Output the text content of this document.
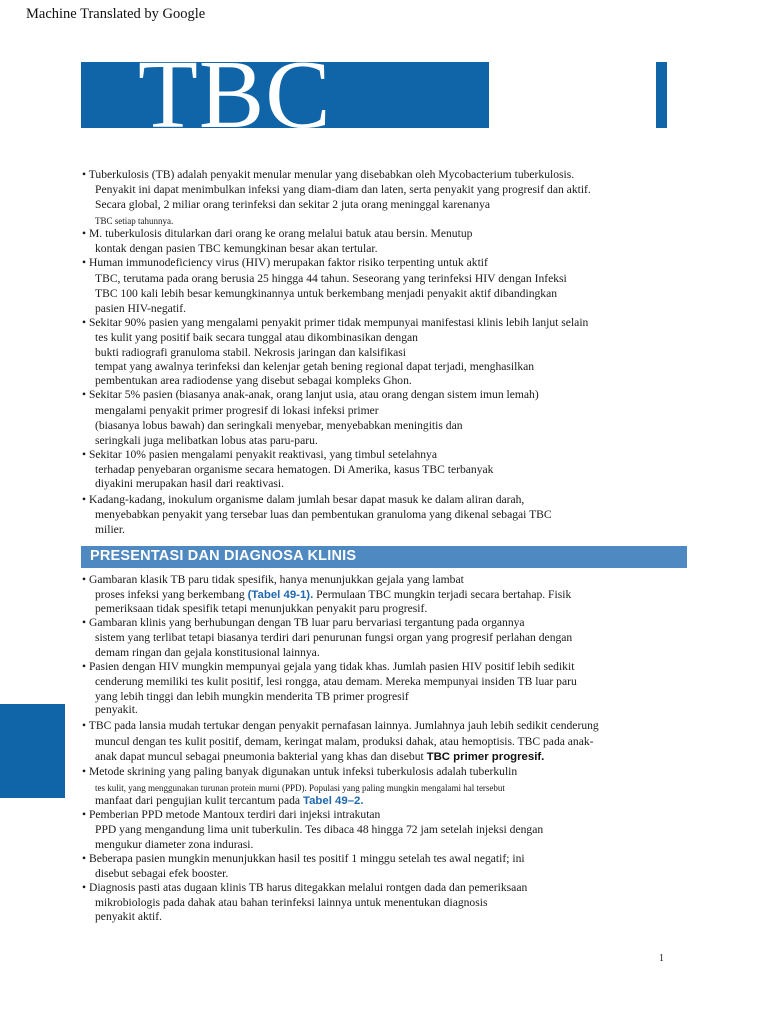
Machine Translated by Google
TBC 49
• Tuberkulosis (TB) adalah penyakit menular menular yang disebabkan oleh Mycobacterium tuberkulosis.
Penyakit ini dapat menimbulkan infeksi yang diam-diam dan laten, serta penyakit yang progresif dan aktif.
Secara global, 2 miliar orang terinfeksi dan sekitar 2 juta orang meninggal karenanya
TBC setiap tahunnya.
• M. tuberkulosis ditularkan dari orang ke orang melalui batuk atau bersin. Menutup
kontak dengan pasien TBC kemungkinan besar akan tertular.
• Human immunodeficiency virus (HIV) merupakan faktor risiko terpenting untuk aktif
TBC, terutama pada orang berusia 25 hingga 44 tahun. Seseorang yang terinfeksi HIV dengan Infeksi
TBC 100 kali lebih besar kemungkinannya untuk berkembang menjadi penyakit aktif dibandingkan
pasien HIV-negatif.
• Sekitar 90% pasien yang mengalami penyakit primer tidak mempunyai manifestasi klinis lebih lanjut selain
tes kulit yang positif baik secara tunggal atau dikombinasikan dengan
bukti radiografi granuloma stabil. Nekrosis jaringan dan kalsifikasi
tempat yang awalnya terinfeksi dan kelenjar getah bening regional dapat terjadi, menghasilkan
pembentukan area radiodense yang disebut sebagai kompleks Ghon.
• Sekitar 5% pasien (biasanya anak-anak, orang lanjut usia, atau orang dengan sistem imun lemah)
mengalami penyakit primer progresif di lokasi infeksi primer
(biasanya lobus bawah) dan seringkali menyebar, menyebabkan meningitis dan
seringkali juga melibatkan lobus atas paru-paru.
• Sekitar 10% pasien mengalami penyakit reaktivasi, yang timbul setelahnya
terhadap penyebaran organisme secara hematogen. Di Amerika, kasus TBC terbanyak
diyakini merupakan hasil dari reaktivasi.
• Kadang-kadang, inokulum organisme dalam jumlah besar dapat masuk ke dalam aliran darah,
menyebabkan penyakit yang tersebar luas dan pembentukan granuloma yang dikenal sebagai TBC
milier.
PRESENTASI DAN DIAGNOSA KLINIS
• Gambaran klasik TB paru tidak spesifik, hanya menunjukkan gejala yang lambat
proses infeksi yang berkembang (Tabel 49-1). Permulaan TBC mungkin terjadi secara bertahap. Fisik
pemeriksaan tidak spesifik tetapi menunjukkan penyakit paru progresif.
• Gambaran klinis yang berhubungan dengan TB luar paru bervariasi tergantung pada organnya
sistem yang terlibat tetapi biasanya terdiri dari penurunan fungsi organ yang progresif perlahan dengan
demam ringan dan gejala konstitusional lainnya.
• Pasien dengan HIV mungkin mempunyai gejala yang tidak khas. Jumlah pasien HIV positif lebih sedikit
cenderung memiliki tes kulit positif, lesi rongga, atau demam. Mereka mempunyai insiden TB luar paru
yang lebih tinggi dan lebih mungkin menderita TB primer progresif
penyakit.
• TBC pada lansia mudah tertukar dengan penyakit pernafasan lainnya. Jumlahnya jauh lebih sedikit cenderung
muncul dengan tes kulit positif, demam, keringat malam, produksi dahak, atau hemoptisis. TBC pada anak-
anak dapat muncul sebagai pneumonia bakterial yang khas dan disebut TBC primer progresif.
• Metode skrining yang paling banyak digunakan untuk infeksi tuberkulosis adalah tuberkulin
tes kulit, yang menggunakan turunan protein murni (PPD). Populasi yang paling mungkin mengalami hal tersebut
manfaat dari pengujian kulit tercantum pada Tabel 49–2.
• Pemberian PPD metode Mantoux terdiri dari injeksi intrakutan
PPD yang mengandung lima unit tuberkulin. Tes dibaca 48 hingga 72 jam setelah injeksi dengan
mengukur diameter zona indurasi.
• Beberapa pasien mungkin menunjukkan hasil tes positif 1 minggu setelah tes awal negatif; ini
disebut sebagai efek booster.
• Diagnosis pasti atas dugaan klinis TB harus ditegakkan melalui rontgen dada dan pemeriksaan
mikrobiologis pada dahak atau bahan terinfeksi lainnya untuk menentukan diagnosis
penyakit aktif.
1
